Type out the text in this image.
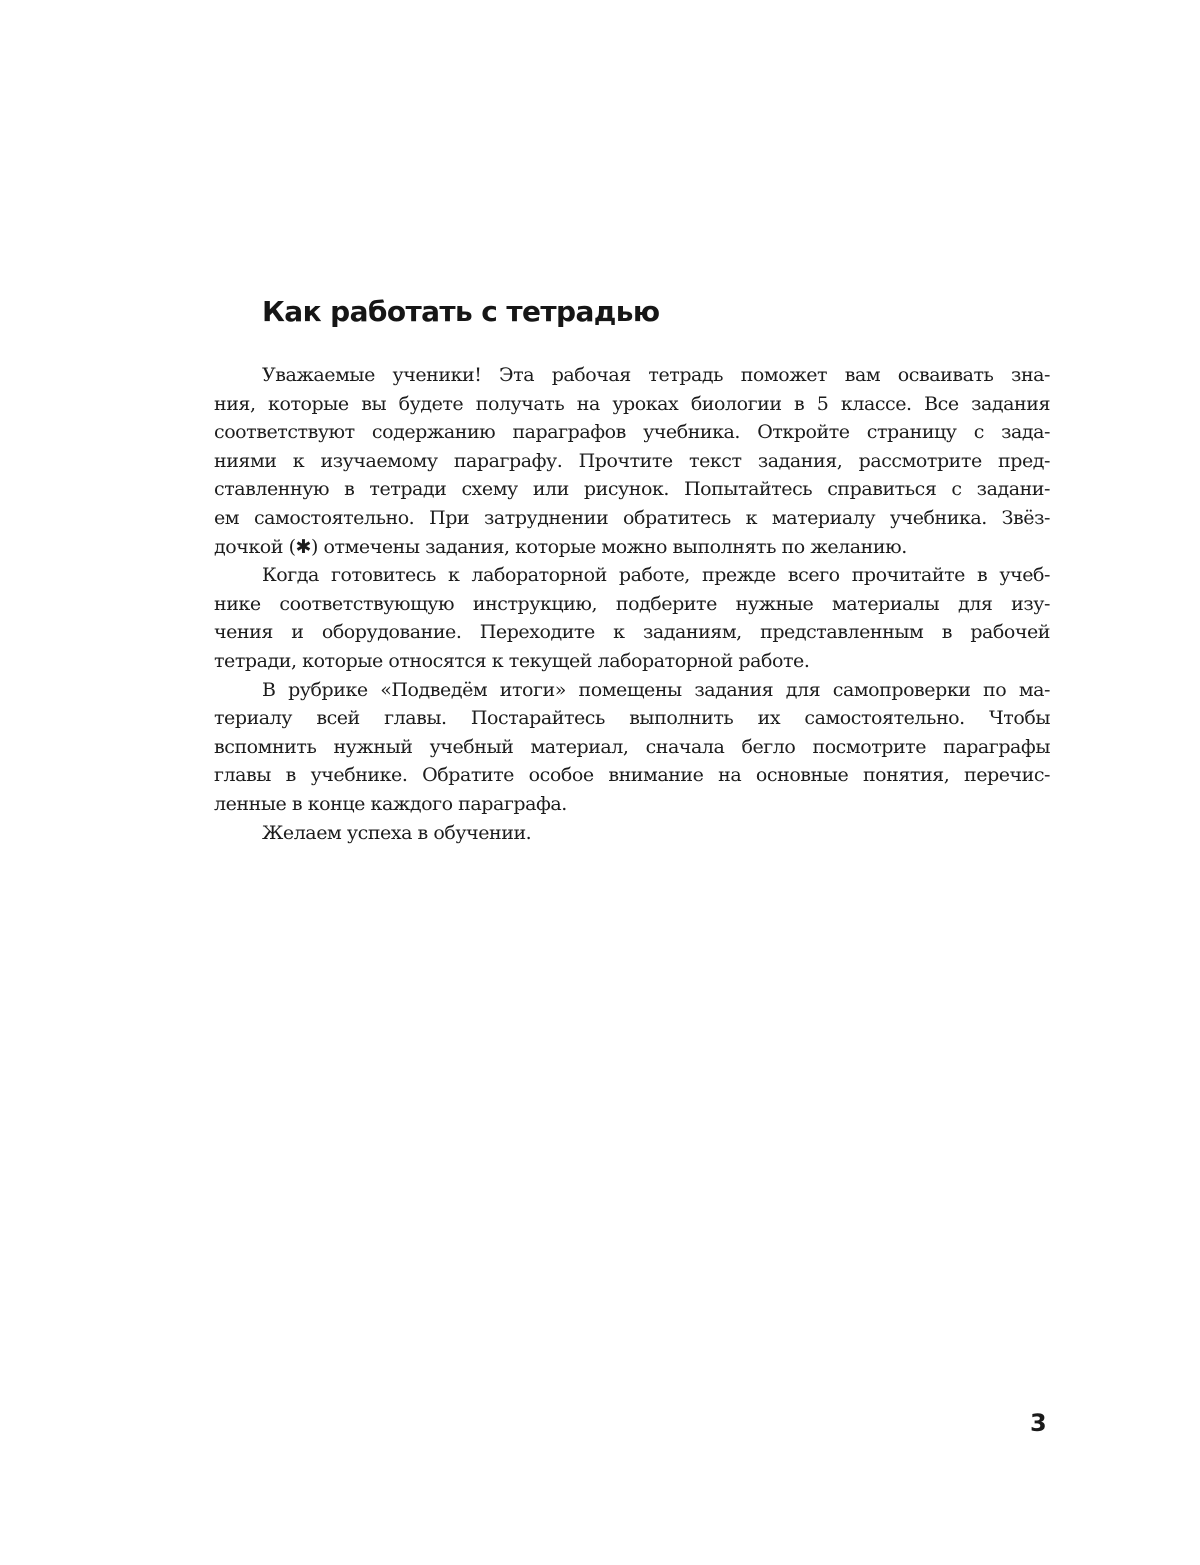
Как работать с тетрадью

Уважаемые ученики! Эта рабочая тетрадь поможет вам осваивать зна-
ния, которые вы будете получать на уроках биологии в 5 классе. Все задания
соответствуют содержанию параграфов учебника. Откройте страницу с зада-
ниями к изучаемому параграфу. Прочтите текст задания, рассмотрите пред-
ставленную в тетради схему или рисунок. Попытайтесь справиться с задани-
ем самостоятельно. При затруднении обратитесь к материалу учебника. Звёз-
дочкой (✱) отмечены задания, которые можно выполнять по желанию.

Когда готовитесь к лабораторной работе, прежде всего прочитайте в учеб-
нике соответствующую инструкцию, подберите нужные материалы для изу-
чения и оборудование. Переходите к заданиям, представленным в рабочей
тетради, которые относятся к текущей лабораторной работе.

В рубрике «Подведём итоги» помещены задания для самопроверки по ма-
териалу всей главы. Постарайтесь выполнить их самостоятельно. Чтобы
вспомнить нужный учебный материал, сначала бегло посмотрите параграфы
главы в учебнике. Обратите особое внимание на основные понятия, перечис-
ленные в конце каждого параграфа.

Желаем успеха в обучении.

3
